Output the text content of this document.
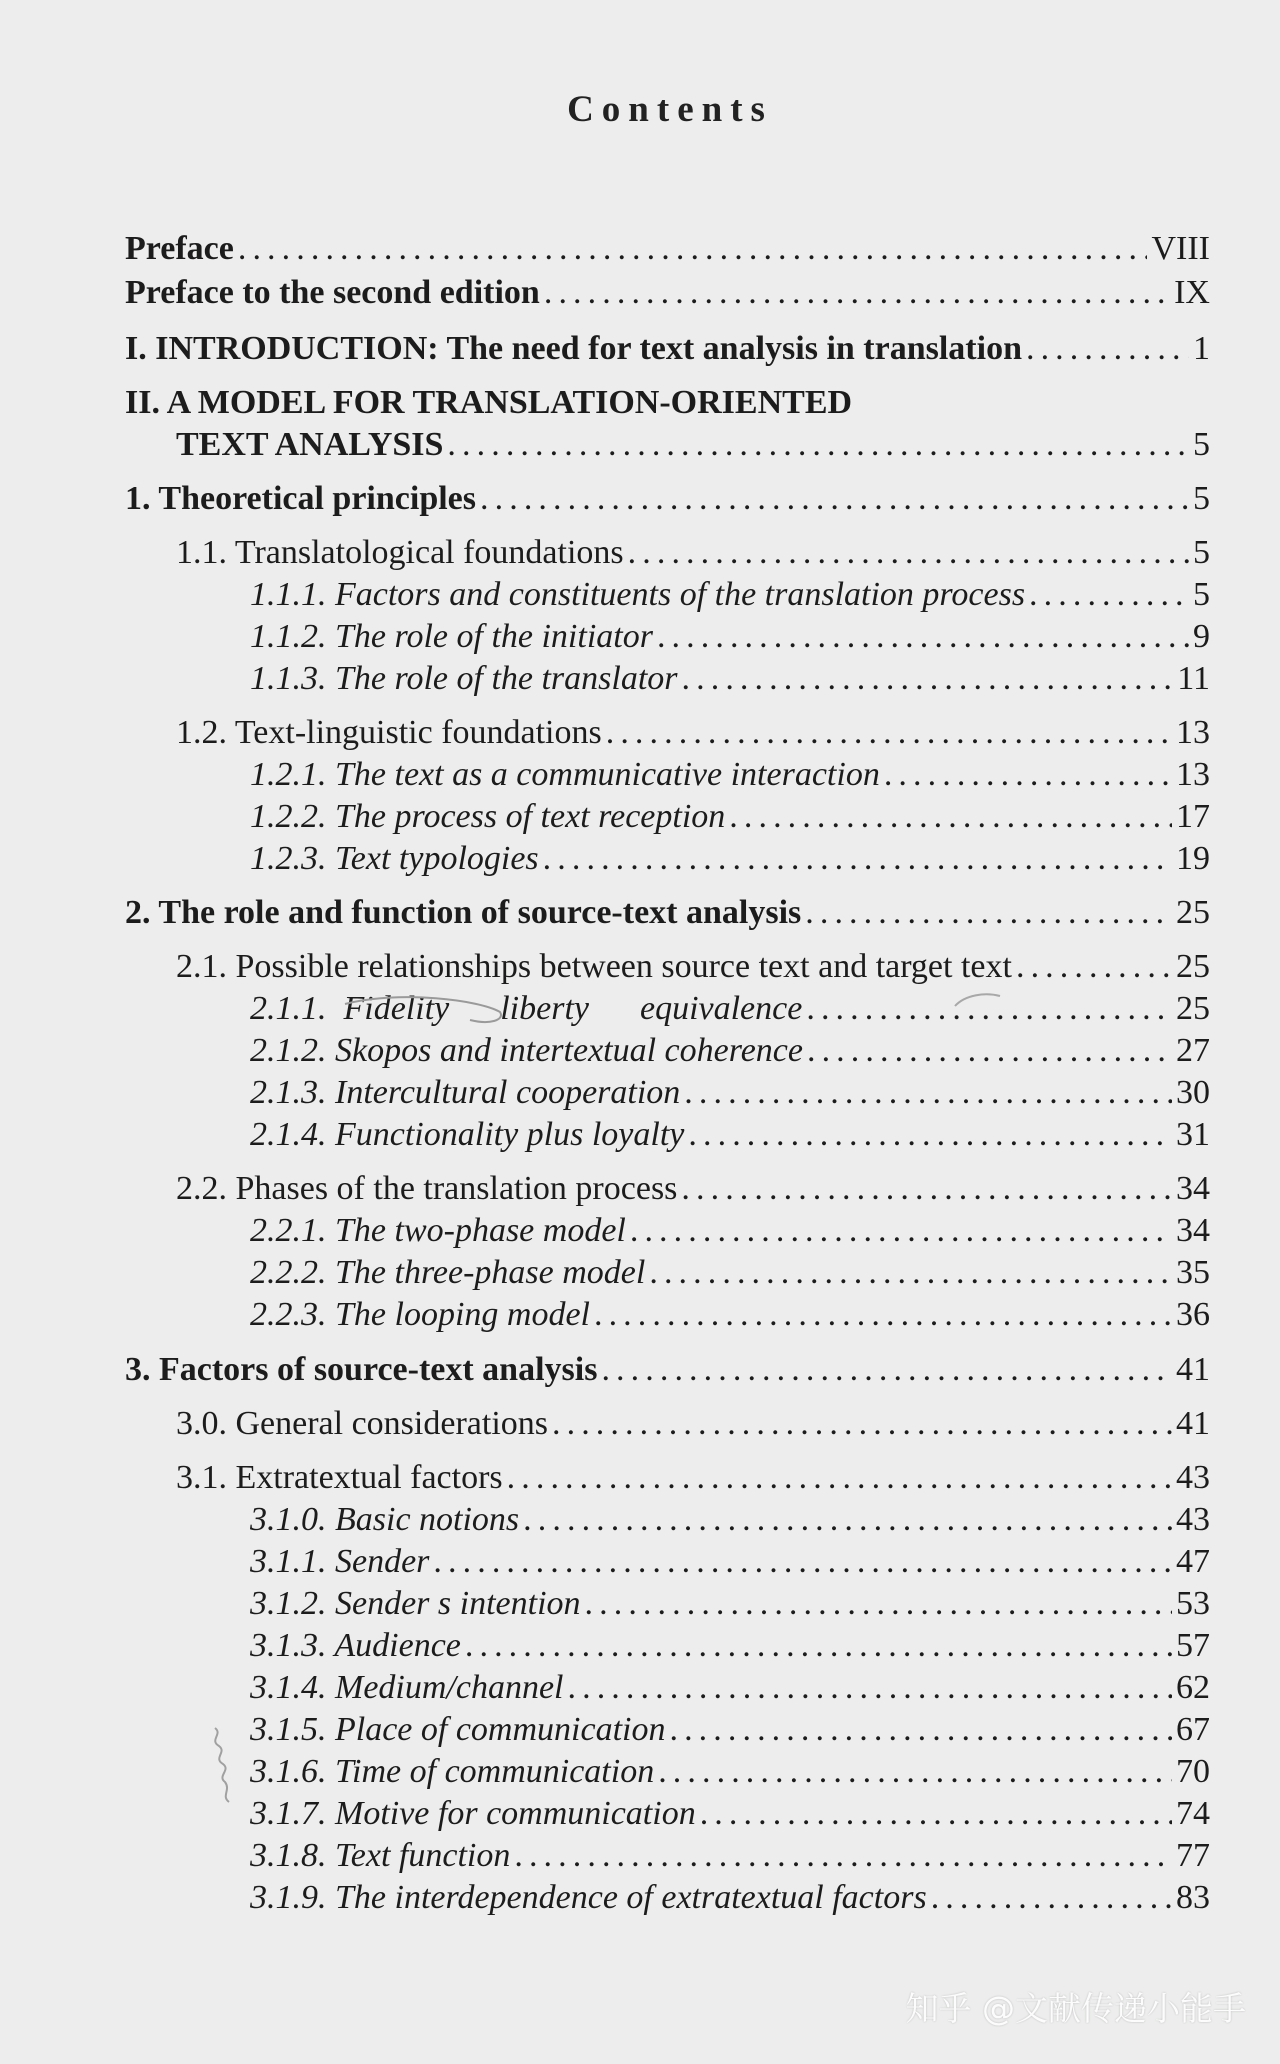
Contents
Preface . . .	VIII
Preface to the second edition . . .	IX
I. INTRODUCTION: The need for text analysis in translation . . .	1
II. A MODEL FOR TRANSLATION-ORIENTED
TEXT ANALYSIS . . .	5
1. Theoretical principles . . .	5
1.1. Translatological foundations . . .	5
1.1.1. Factors and constituents of the translation process . . .	5
1.1.2. The role of the initiator . . .	9
1.1.3. The role of the translator . . .	11
1.2. Text-linguistic foundations . . .	13
1.2.1. The text as a communicative interaction . . .	13
1.2.2. The process of text reception . . .	17
1.2.3. Text typologies . . .	19
2. The role and function of source-text analysis . . .	25
2.1. Possible relationships between source text and target text . . .	25
2.1.1.  Fidelity      liberty      equivalence . . .	25
2.1.2. Skopos and intertextual coherence . . .	27
2.1.3. Intercultural cooperation . . .	30
2.1.4. Functionality plus loyalty . . .	31
2.2. Phases of the translation process . . .	34
2.2.1. The two-phase model . . .	34
2.2.2. The three-phase model . . .	35
2.2.3. The looping model . . .	36
3. Factors of source-text analysis . . .	41
3.0. General considerations . . .	41
3.1. Extratextual factors . . .	43
3.1.0. Basic notions . . .	43
3.1.1. Sender . . .	47
3.1.2. Sender s intention . . .	53
3.1.3. Audience . . .	57
3.1.4. Medium/channel . . .	62
3.1.5. Place of communication . . .	67
3.1.6. Time of communication . . .	70
3.1.7. Motive for communication . . .	74
3.1.8. Text function . . .	77
3.1.9. The interdependence of extratextual factors . . .	83
知乎 @文献传递小能手
